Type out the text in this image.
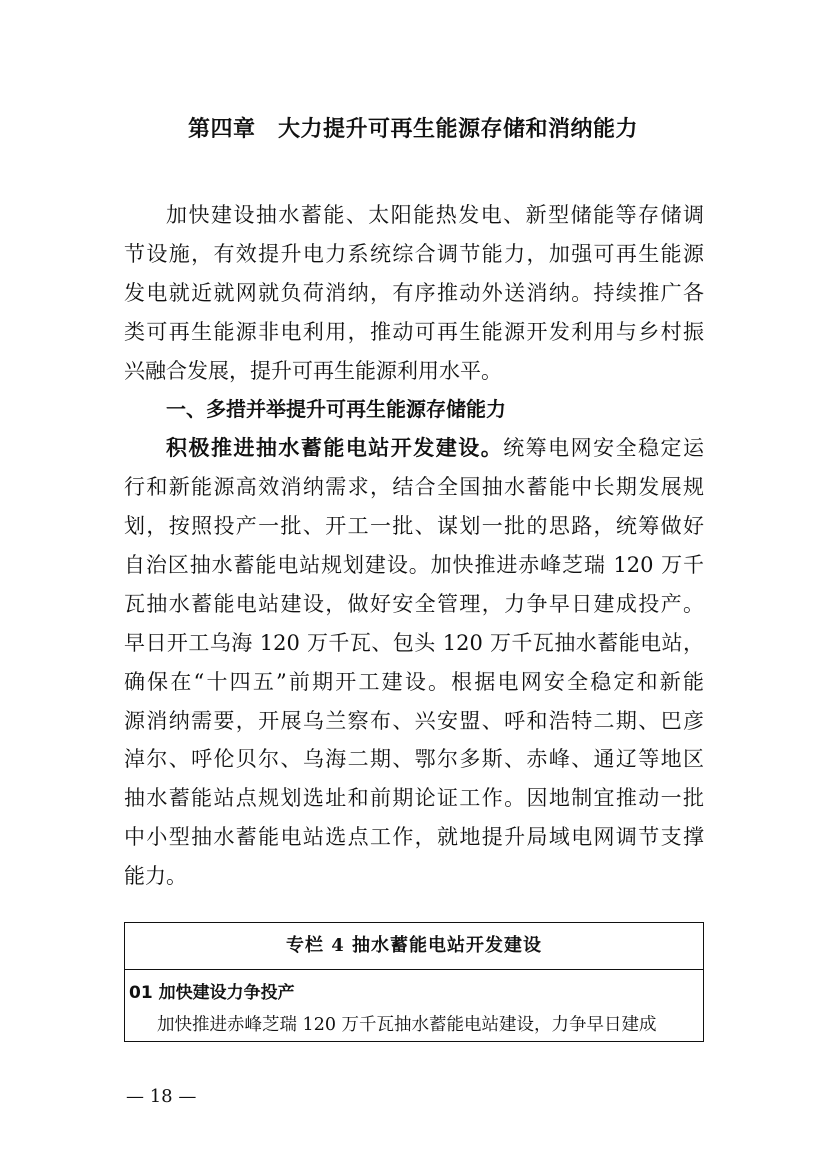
第四章　大力提升可再生能源存储和消纳能力
加快建设抽水蓄能、太阳能热发电、新型储能等存储调
节设施，有效提升电力系统综合调节能力，加强可再生能源
发电就近就网就负荷消纳，有序推动外送消纳。持续推广各
类可再生能源非电利用，推动可再生能源开发利用与乡村振
兴融合发展，提升可再生能源利用水平。
一、多措并举提升可再生能源存储能力
积极推进抽水蓄能电站开发建设。统筹电网安全稳定运
行和新能源高效消纳需求，结合全国抽水蓄能中长期发展规
划，按照投产一批、开工一批、谋划一批的思路，统筹做好
自治区抽水蓄能电站规划建设。加快推进赤峰芝瑞 120 万千
瓦抽水蓄能电站建设，做好安全管理，力争早日建成投产。
早日开工乌海 120 万千瓦、包头 120 万千瓦抽水蓄能电站，
确保在“十四五”前期开工建设。根据电网安全稳定和新能
源消纳需要，开展乌兰察布、兴安盟、呼和浩特二期、巴彦
淖尔、呼伦贝尔、乌海二期、鄂尔多斯、赤峰、通辽等地区
抽水蓄能站点规划选址和前期论证工作。因地制宜推动一批
中小型抽水蓄能电站选点工作，就地提升局域电网调节支撑
能力。
专栏 4 抽水蓄能电站开发建设
01 加快建设力争投产
加快推进赤峰芝瑞 120 万千瓦抽水蓄能电站建设，力争早日建成
— 18 —
